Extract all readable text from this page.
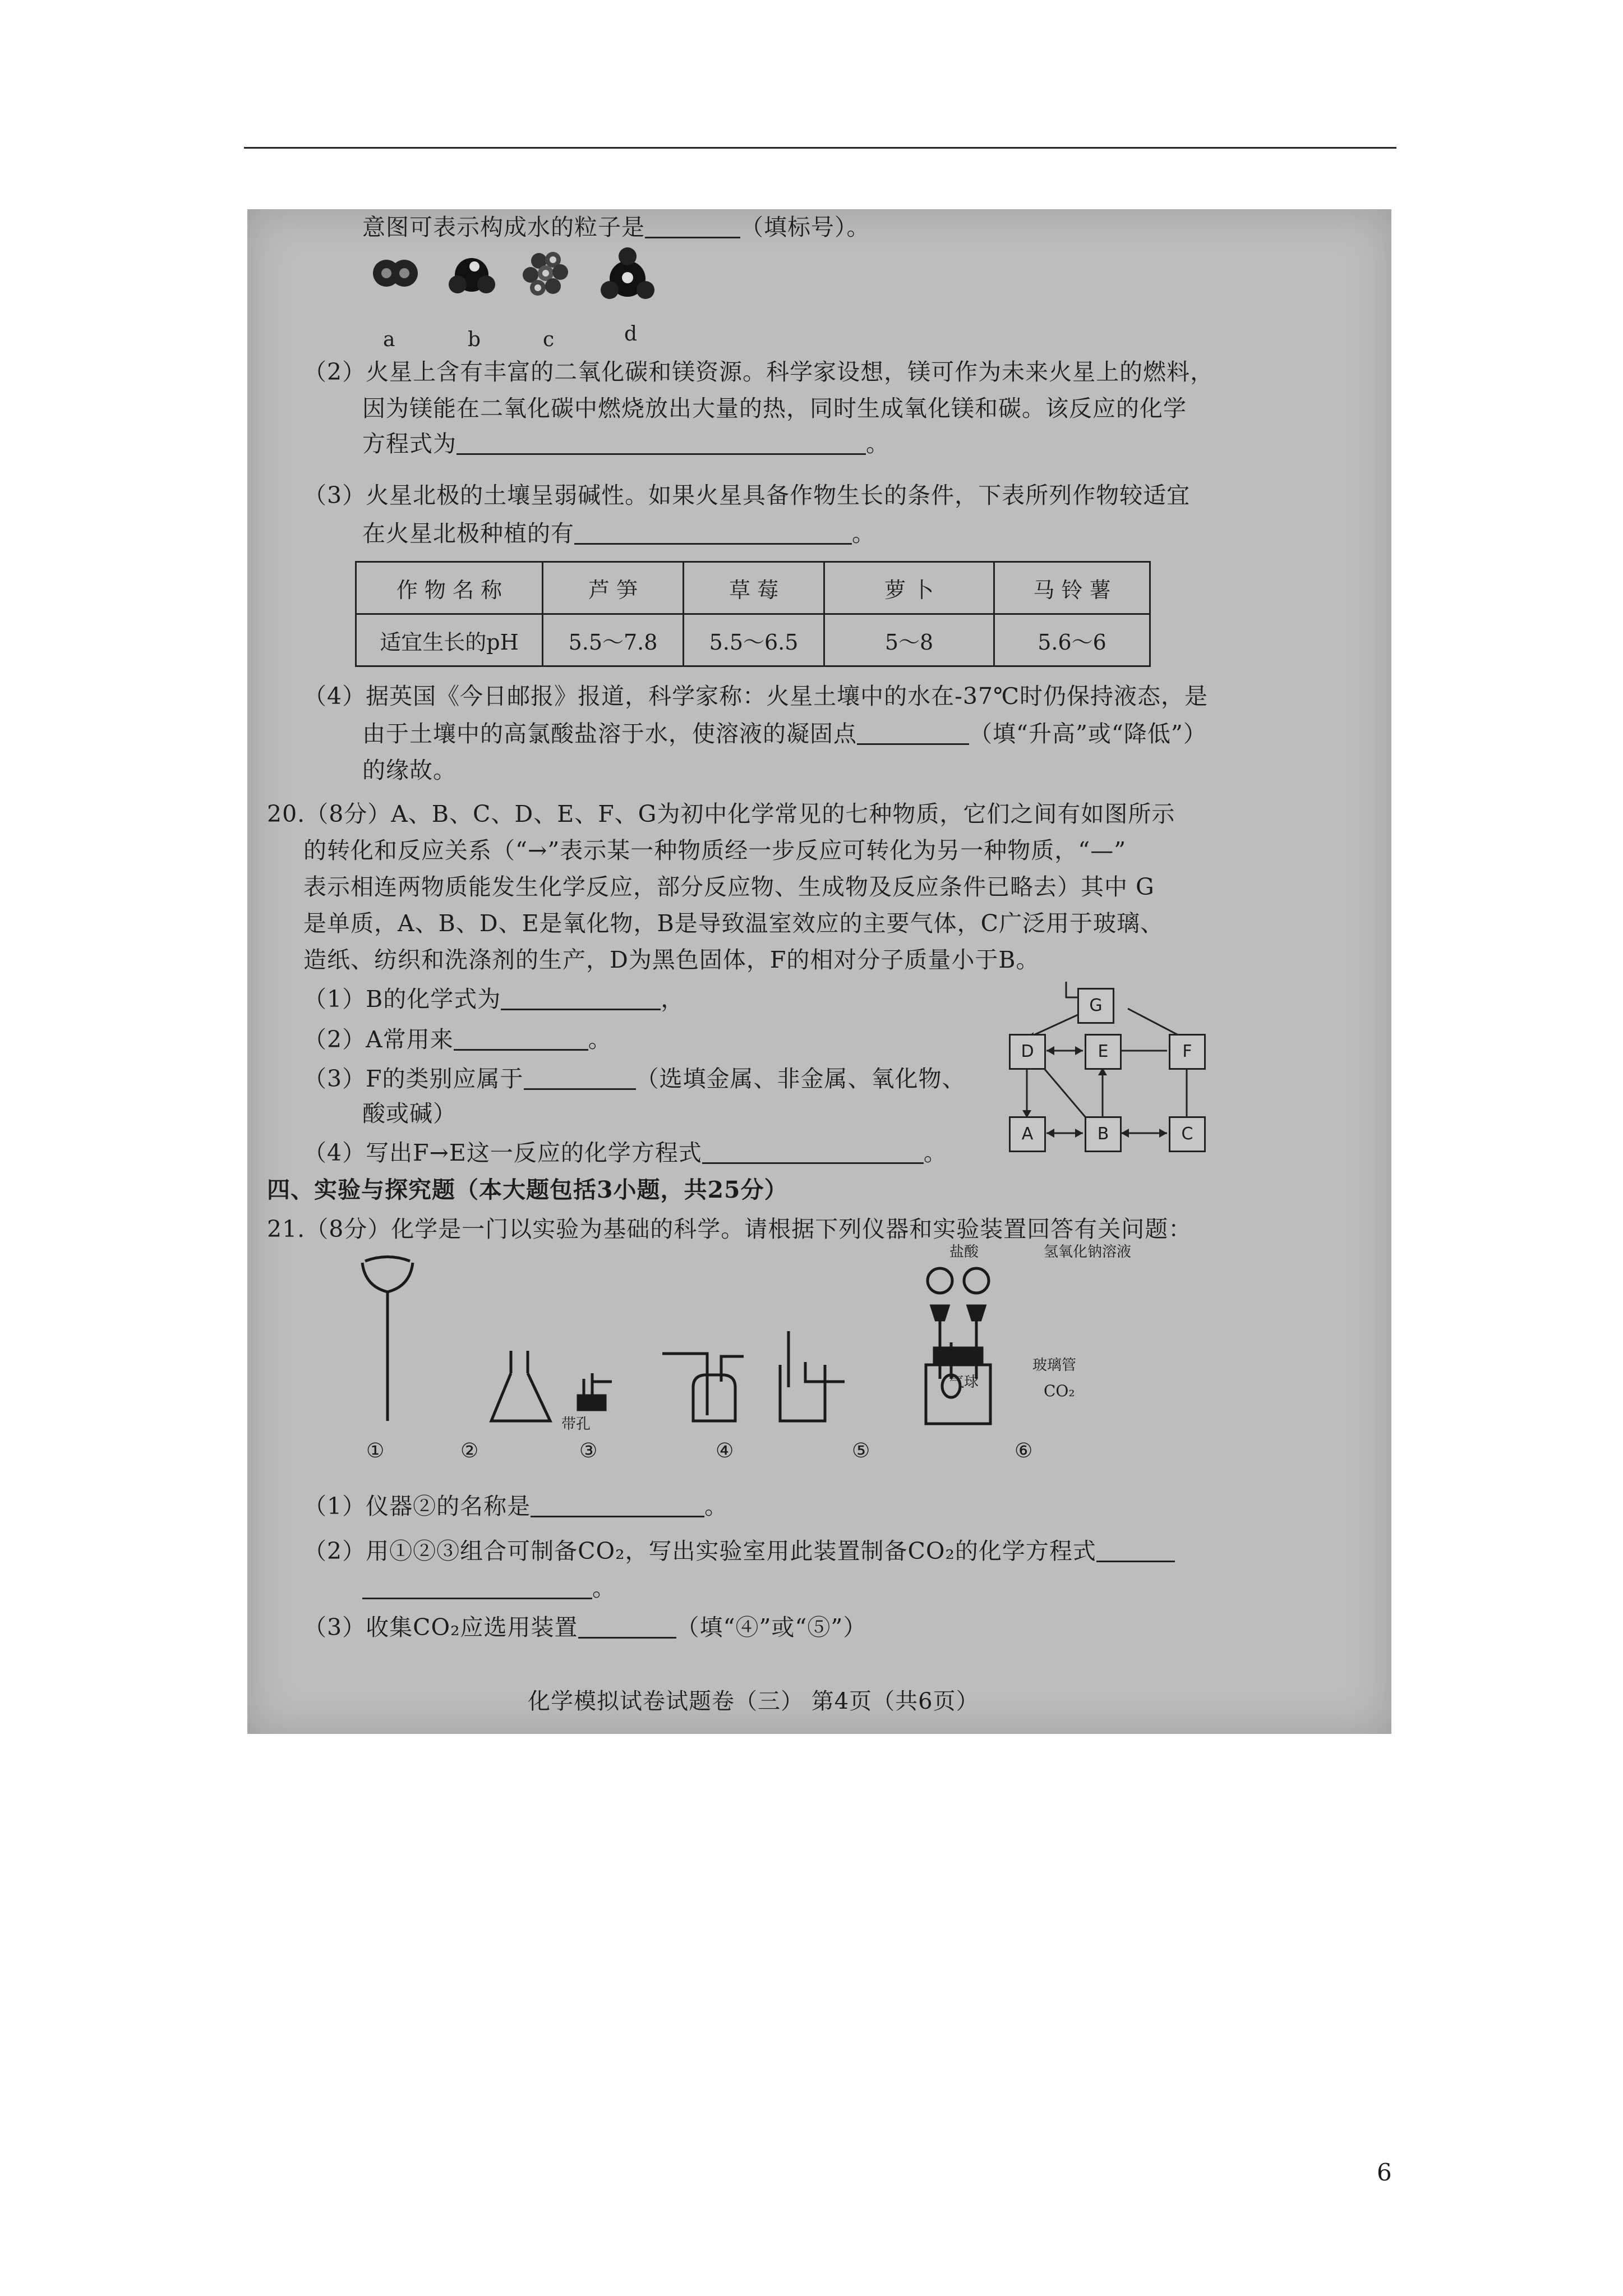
意图可表示构成水的粒子是	（填标号）。
a	b	c	d
（2）火星上含有丰富的二氧化碳和镁资源。科学家设想，镁可作为未来火星上的燃料，
因为镁能在二氧化碳中燃烧放出大量的热，同时生成氧化镁和碳。该反应的化学
方程式为	。
（3）火星北极的土壤呈弱碱性。如果火星具备作物生长的条件，下表所列作物较适宜
在火星北极种植的有	。
作 物 名 称	芦 笋	草 莓	萝 卜	马 铃 薯
适宜生长的pH	5.5～7.8	5.5～6.5	5～8	5.6～6
（4）据英国《今日邮报》报道，科学家称：火星土壤中的水在-37℃时仍保持液态，是
由于土壤中的高氯酸盐溶于水，使溶液的凝固点	（填“升高”或“降低”）
的缘故。
20.（8分）A、B、C、D、E、F、G为初中化学常见的七种物质，它们之间有如图所示
的转化和反应关系（“→”表示某一种物质经一步反应可转化为另一种物质，“—”
表示相连两物质能发生化学反应，部分反应物、生成物及反应条件已略去）其中 G
是单质，A、B、D、E是氧化物，B是导致温室效应的主要气体，C广泛用于玻璃、
造纸、纺织和洗涤剂的生产，D为黑色固体，F的相对分子质量小于B。
（1）B的化学式为	，
（2）A常用来	。
（3）F的类别应属于	（选填金属、非金属、氧化物、
酸或碱）
（4）写出F→E这一反应的化学方程式	。
G
D	E	F
A	B	C
四、实验与探究题（本大题包括3小题，共25分）
21.（8分）化学是一门以实验为基础的科学。请根据下列仪器和实验装置回答有关问题：
①	②	③	④	⑤	⑥
带孔
盐酸	氢氧化钠溶液
气球
玻璃管
CO₂
（1）仪器②的名称是	。
（2）用①②③组合可制备CO₂，写出实验室用此装置制备CO₂的化学方程式
。
（3）收集CO₂应选用装置	（填“④”或“⑤”）
化学模拟试卷试题卷（三） 第4页（共6页）
6
